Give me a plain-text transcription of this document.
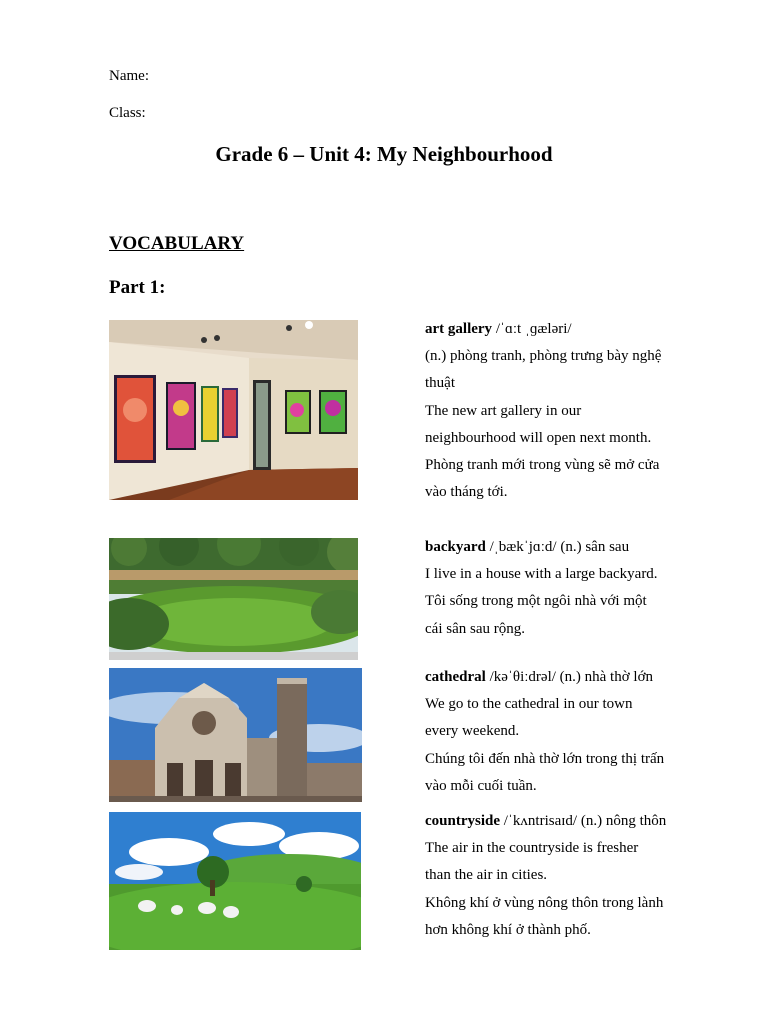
Name:
Class:
Grade 6 – Unit 4: My Neighbourhood
VOCABULARY
Part 1:
art gallery /ˈɑːt ˌɡæləri/
(n.) phòng tranh, phòng trưng bày nghệ
thuật
The new art gallery in our
neighbourhood will open next month.
Phòng tranh mới trong vùng sẽ mở cửa
vào tháng tới.
backyard /ˌbækˈjɑːd/ (n.) sân sau
I live in a house with a large backyard.
Tôi sống trong một ngôi nhà với một
cái sân sau rộng.
cathedral /kəˈθiːdrəl/ (n.) nhà thờ lớn
We go to the cathedral in our town
every weekend.
Chúng tôi đến nhà thờ lớn trong thị trấn
vào mỗi cuối tuần.
countryside /ˈkʌntrisaɪd/ (n.) nông thôn
The air in the countryside is fresher
than the air in cities.
Không khí ở vùng nông thôn trong lành
hơn không khí ở thành phố.
